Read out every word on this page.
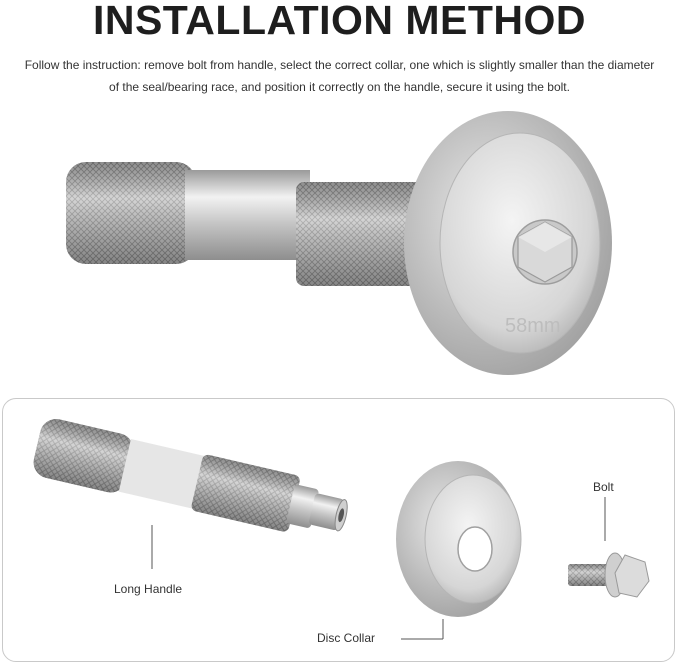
INSTALLATION METHOD
Follow the instruction: remove bolt from handle, select the correct collar, one which is slightly smaller than the diameter of the seal/bearing race, and position it correctly on the handle, secure it using the bolt.
58mm
Long Handle
Disc Collar
Bolt
